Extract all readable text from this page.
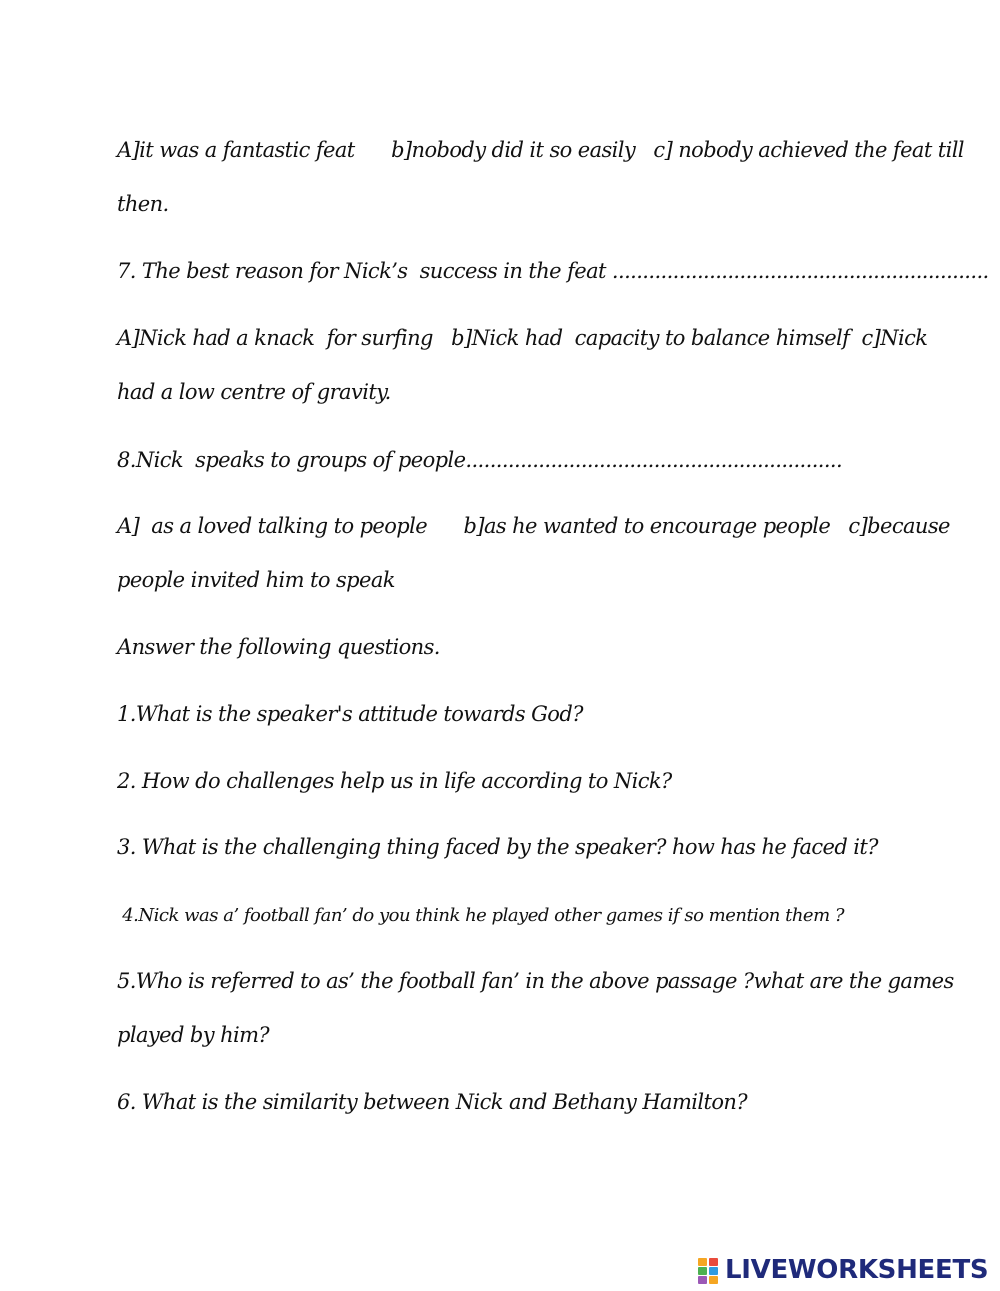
A]it was a fantastic feat      b]nobody did it so easily   c] nobody achieved the feat till
then.
7. The best reason for Nick’s  success in the feat ..............................................................
A]Nick had a knack  for surfing   b]Nick had  capacity to balance himself  c]Nick
had a low centre of gravity.
8.Nick  speaks to groups of people..............................................................
A]  as a loved talking to people      b]as he wanted to encourage people   c]because
people invited him to speak
Answer the following questions.
1.What is the speaker's attitude towards God?
2. How do challenges help us in life according to Nick?
3. What is the challenging thing faced by the speaker? how has he faced it?
4.Nick was a’ football fan’ do you think he played other games if so mention them ?
5.Who is referred to as’ the football fan’ in the above passage ?what are the games
played by him?
6. What is the similarity between Nick and Bethany Hamilton?
LIVEWORKSHEETS
